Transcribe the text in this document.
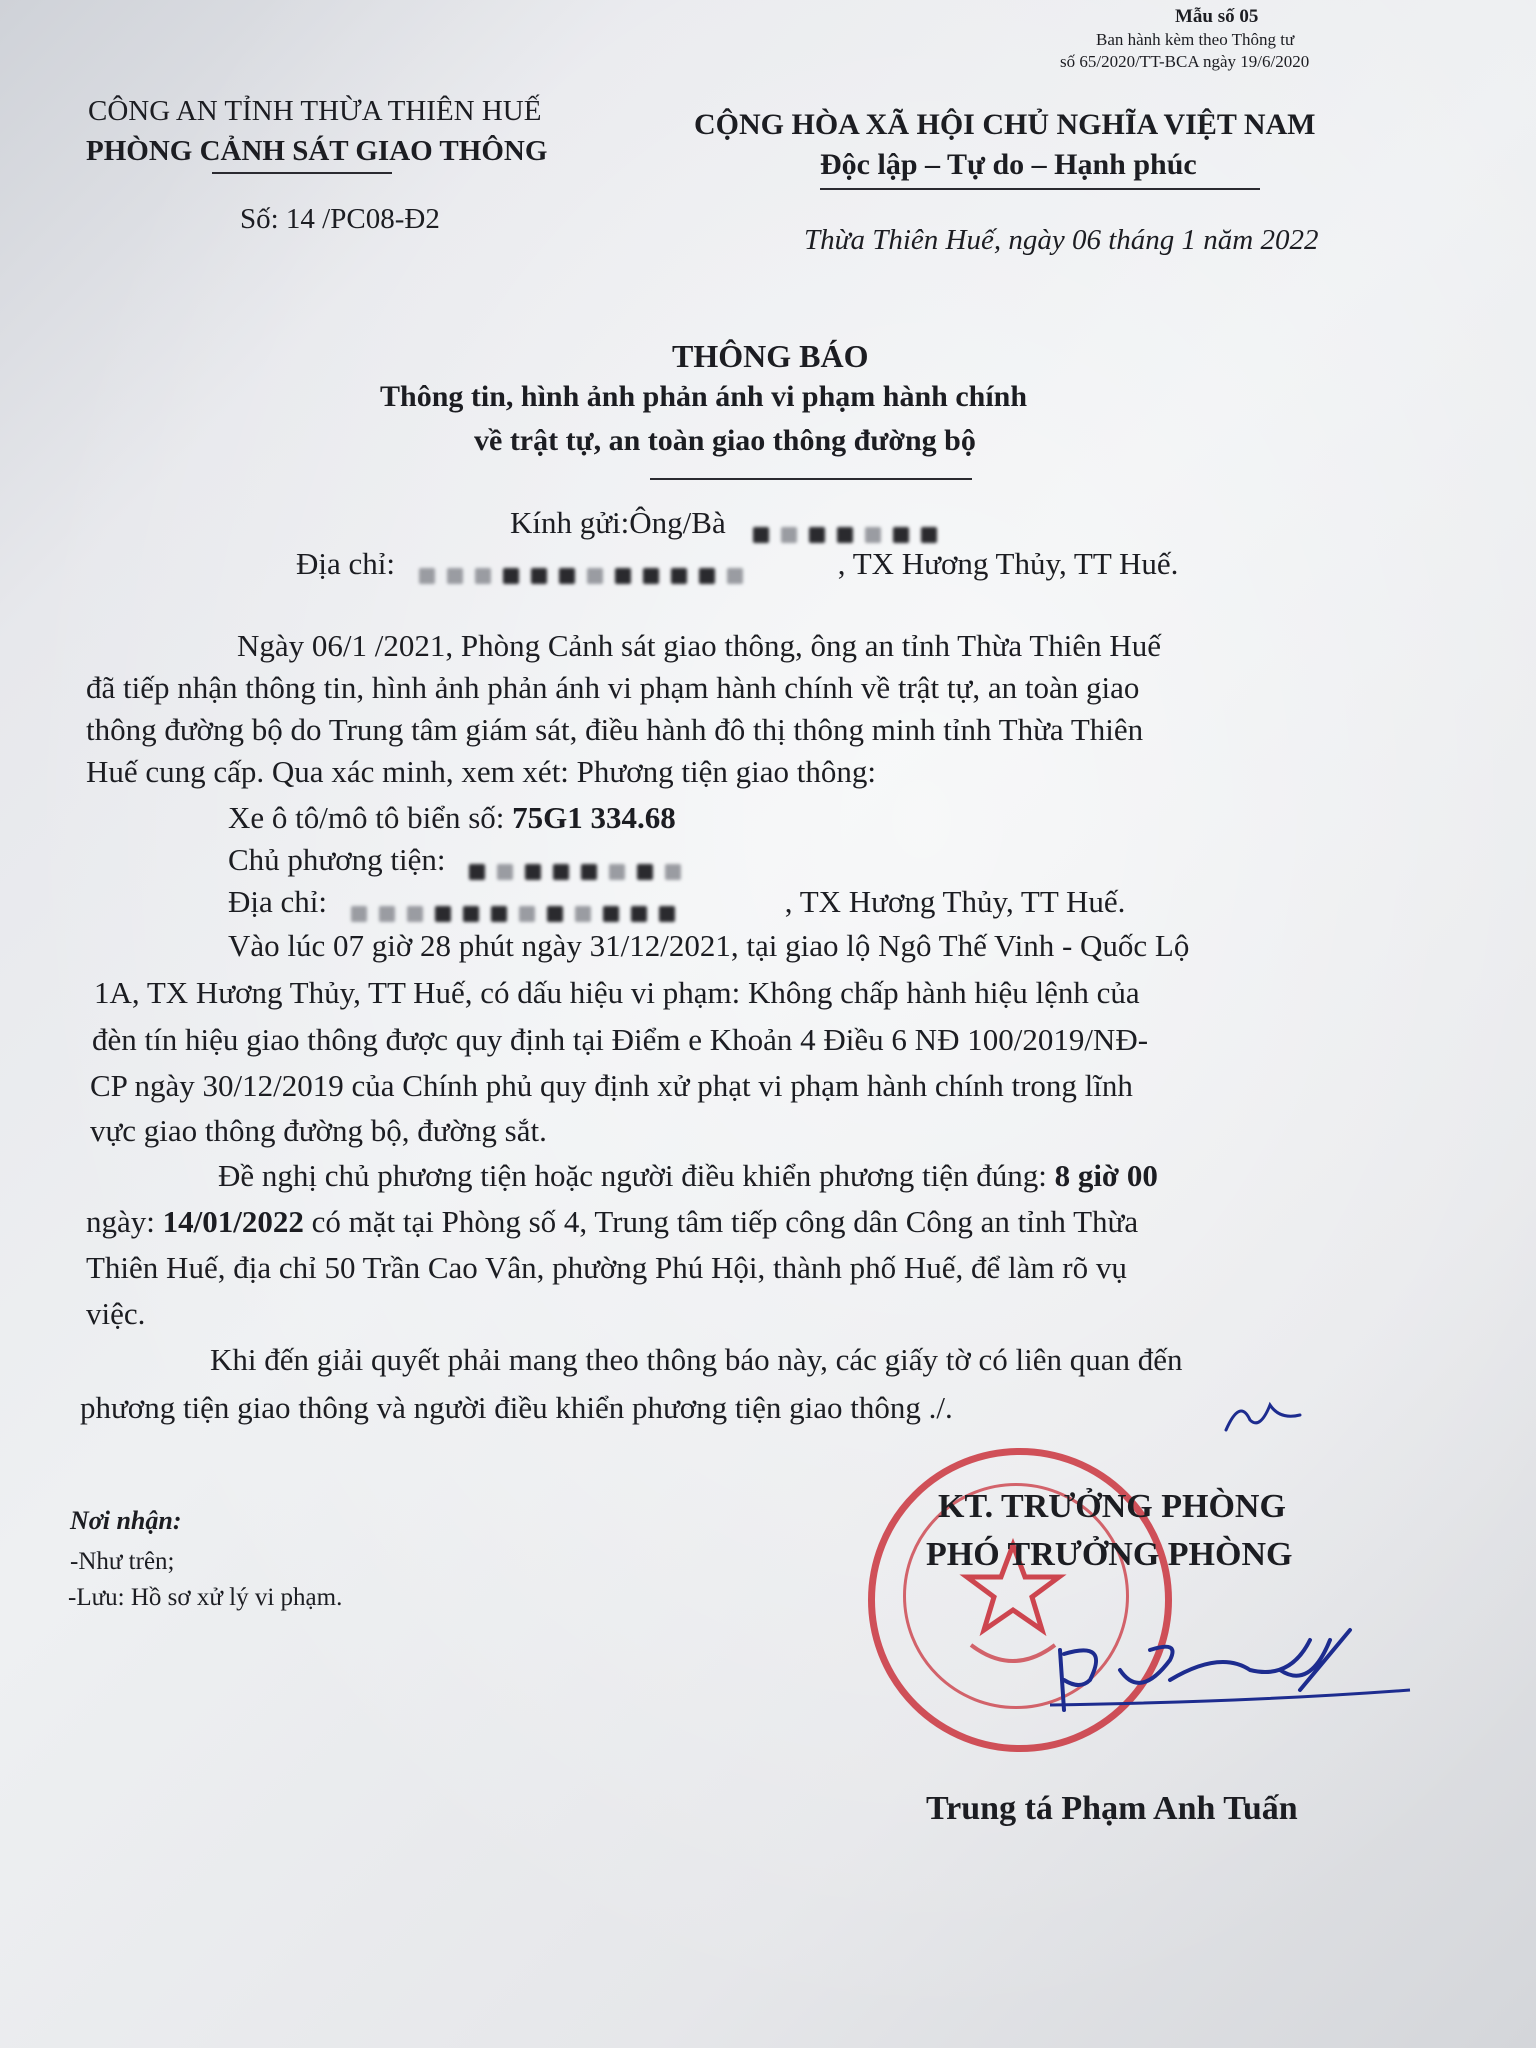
Mẫu số 05
Ban hành kèm theo Thông tư
số 65/2020/TT-BCA ngày 19/6/2020
CÔNG AN TỈNH THỪA THIÊN HUẾ
PHÒNG CẢNH SÁT GIAO THÔNG
Số: 14 /PC08-Đ2
CỘNG HÒA XÃ HỘI CHỦ NGHĨA VIỆT NAM
Độc lập – Tự do – Hạnh phúc
Thừa Thiên Huế, ngày 06 tháng 1 năm 2022
THÔNG BÁO
Thông tin, hình ảnh phản ánh vi phạm hành chính
về trật tự, an toàn giao thông đường bộ
Kính gửi:Ông/Bà
Địa chỉ:	, TX Hương Thủy, TT Huế.
Ngày 06/1 /2021, Phòng Cảnh sát giao thông, ông an tỉnh Thừa Thiên Huế
đã tiếp nhận thông tin, hình ảnh phản ánh vi phạm hành chính về trật tự, an toàn giao
thông đường bộ do Trung tâm giám sát, điều hành đô thị thông minh tỉnh Thừa Thiên
Huế cung cấp. Qua xác minh, xem xét: Phương tiện giao thông:
Xe ô tô/mô tô biển số: 75G1 334.68
Chủ phương tiện:
Địa chỉ:	, TX Hương Thủy, TT Huế.
Vào lúc 07 giờ 28 phút ngày 31/12/2021, tại giao lộ Ngô Thế Vinh - Quốc Lộ
1A, TX Hương Thủy, TT Huế, có dấu hiệu vi phạm: Không chấp hành hiệu lệnh của
đèn tín hiệu giao thông được quy định tại Điểm e Khoản 4 Điều 6 NĐ 100/2019/NĐ-
CP ngày 30/12/2019 của Chính phủ quy định xử phạt vi phạm hành chính trong lĩnh
vực giao thông đường bộ, đường sắt.
Đề nghị chủ phương tiện hoặc người điều khiển phương tiện đúng: 8 giờ 00
ngày: 14/01/2022 có mặt tại Phòng số 4, Trung tâm tiếp công dân Công an tỉnh Thừa
Thiên Huế, địa chỉ 50 Trần Cao Vân, phường Phú Hội, thành phố Huế, để làm rõ vụ
việc.
Khi đến giải quyết phải mang theo thông báo này, các giấy tờ có liên quan đến
phương tiện giao thông và người điều khiển phương tiện giao thông ./.
Nơi nhận:
-Như trên;
-Lưu: Hồ sơ xử lý vi phạm.
KT. TRƯỞNG PHÒNG
PHÓ TRƯỞNG PHÒNG
Trung tá Phạm Anh Tuấn
